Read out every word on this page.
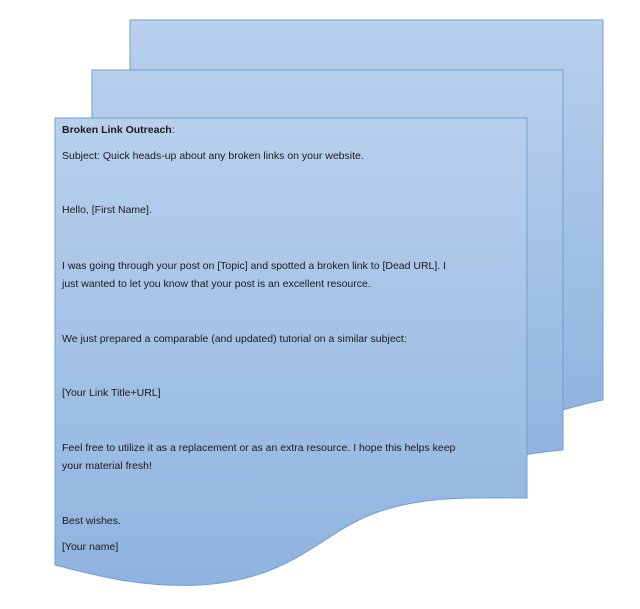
Broken Link Outreach:

Subject: Quick heads-up about any broken links on your website.

Hello, [First Name].

I was going through your post on [Topic] and spotted a broken link to [Dead URL]. I

just wanted to let you know that your post is an excellent resource.

We just prepared a comparable (and updated) tutorial on a similar subject:

[Your Link Title+URL]

Feel free to utilize it as a replacement or as an extra resource. I hope this helps keep

your material fresh!

Best wishes.

[Your name]
